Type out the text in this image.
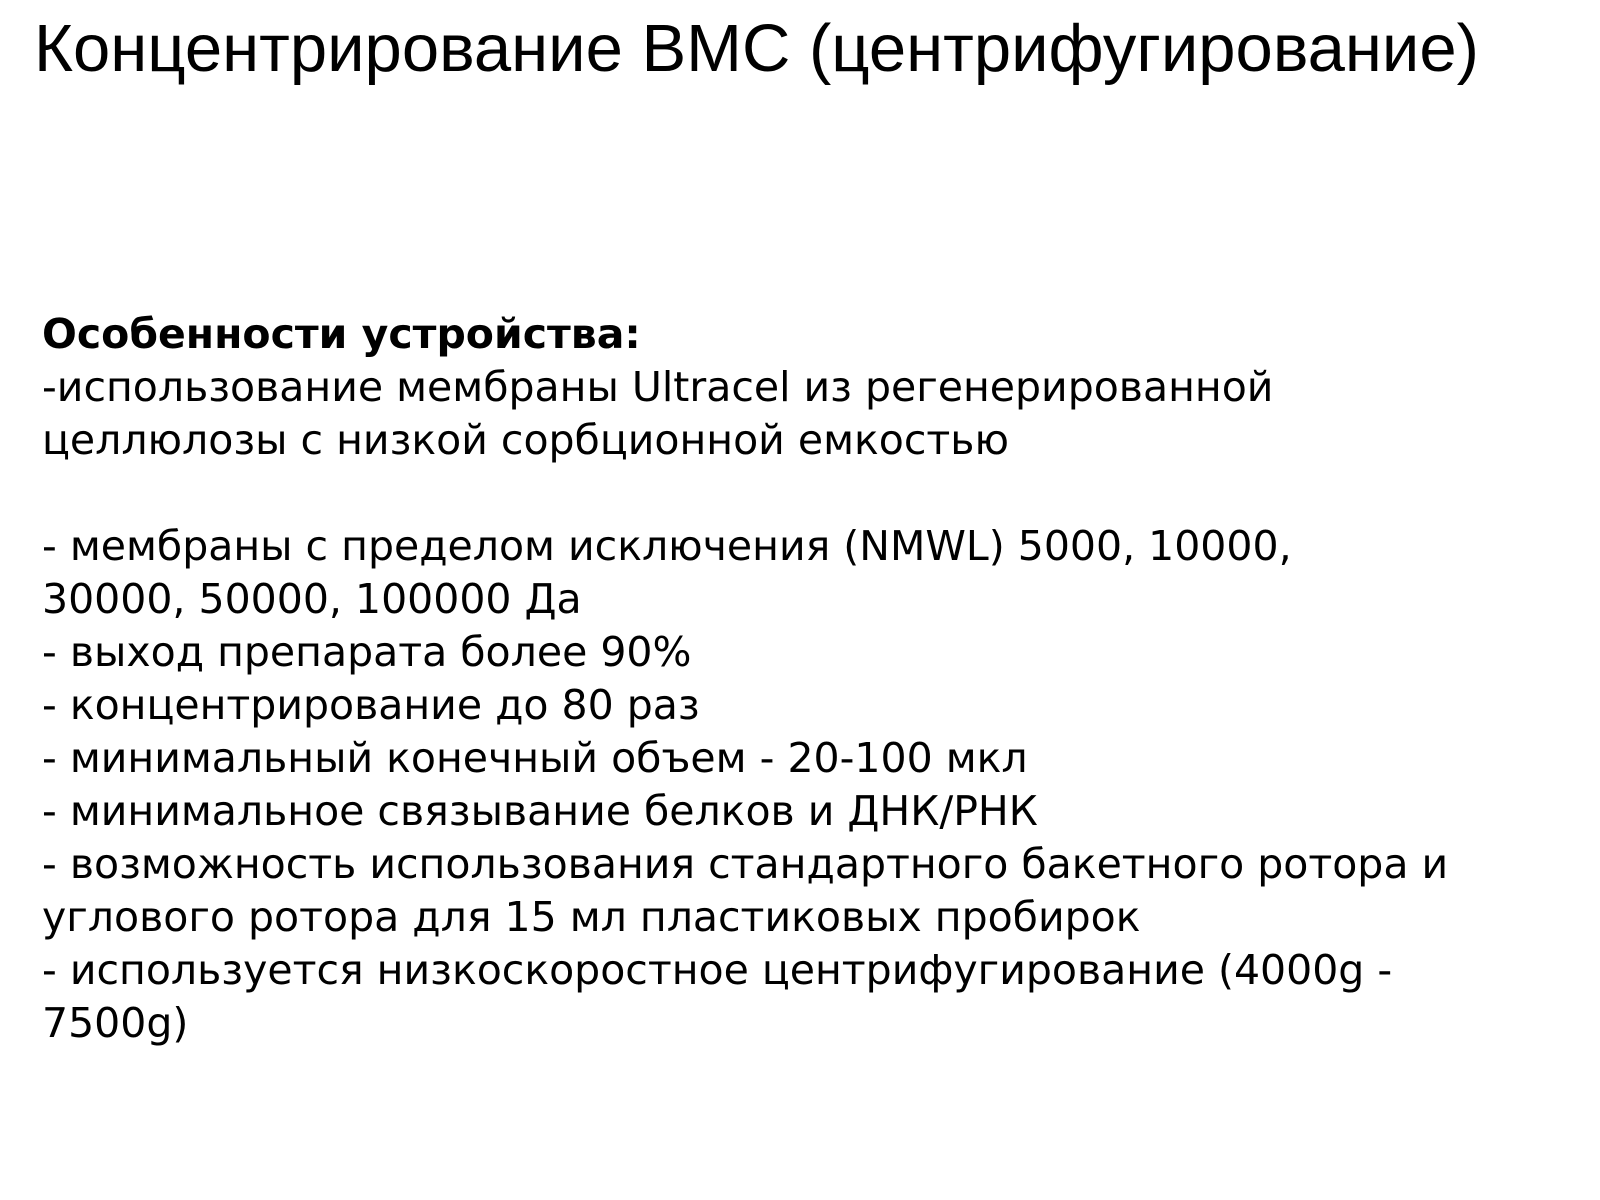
Концентрирование ВМС (центрифугирование)
Особенности устройства:
-использование мембраны Ultracel из регенерированной
целлюлозы с низкой сорбционной емкостью
- мембраны с пределом исключения (NMWL) 5000, 10000,
30000, 50000, 100000 Да
- выход препарата более 90%
- концентрирование до 80 раз
- минимальный конечный объем - 20-100 мкл
- минимальное связывание белков и ДНК/РНК
- возможность использования стандартного бакетного ротора и
углового ротора для 15 мл пластиковых пробирок
- используется низкоскоростное центрифугирование (4000g -
7500g)
